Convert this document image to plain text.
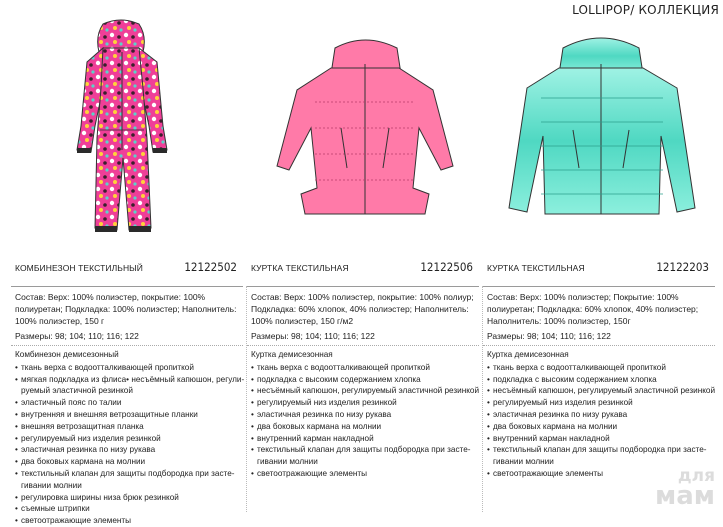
LOLLIPOP/ КОЛЛЕКЦИЯ
КОМБИНЕЗОН ТЕКСТИЛЬНЫЙ	12122502

Состав: Верх: 100% полиэстер, покрытие: 100% полиуретан; Подкладка: 100% полиэстер; Наполнитель: 100% полиэстер, 150 г

Размеры: 98; 104; 110; 116; 122

Комбинезон демисезонный
• ткань верха с водоотталкивающей пропиткой
• мягкая подкладка из флиса• несъёмный капюшон, регули-руемый эластичной резинкой
• эластичный пояс по талии
• внутренняя и внешняя ветрозащитные планки
• внешняя ветрозащитная планка
• регулируемый низ изделия резинкой
• эластичная резинка по низу рукава
• два боковых кармана на молнии
• текстильный клапан для защиты подбородка при засте-гивании молнии
• регулировка ширины низа брюк резинкой
• съемные штрипки
• светоотражающие элементы
КУРТКА ТЕКСТИЛЬНАЯ	12122506

Состав: Верх: 100% полиэстер, покрытие: 100% полиур; Подкладка: 60% хлопок, 40% полиэстер; Наполнитель: 100% полиэстер, 150 г/м2

Размеры: 98; 104; 110; 116; 122

Куртка демисезонная
• ткань верха с водоотталкивающей пропиткой
• подкладка с высоким содержанием хлопка
• несъёмный капюшон, регулируемый эластичной резинкой
• регулируемый низ изделия резинкой
• эластичная резинка по низу рукава
• два боковых кармана на молнии
• внутренний карман накладной
• текстильный клапан для защиты подбородка при засте-гивании молнии
• светоотражающие элементы
КУРТКА ТЕКСТИЛЬНАЯ	12122203

Состав: Верх: 100% полиэстер; Покрытие: 100% полиуретан; Подкладка: 60% хлопок, 40% полиэстер; Наполнитель: 100% полиэстер, 150г

Размеры: 98; 104; 110; 116; 122

Куртка демисезонная
• ткань верха с водоотталкивающей пропиткой
• подкладка с высоким содержанием хлопка
• несъёмный капюшон, регулируемый эластичной резинкой
• регулируемый низ изделия резинкой
• эластичная резинка по низу рукава
• два боковых кармана на молнии
• внутренний карман накладной
• текстильный клапан для защиты подбородка при засте-гивании молнии
• светоотражающие элементы	для
мам
